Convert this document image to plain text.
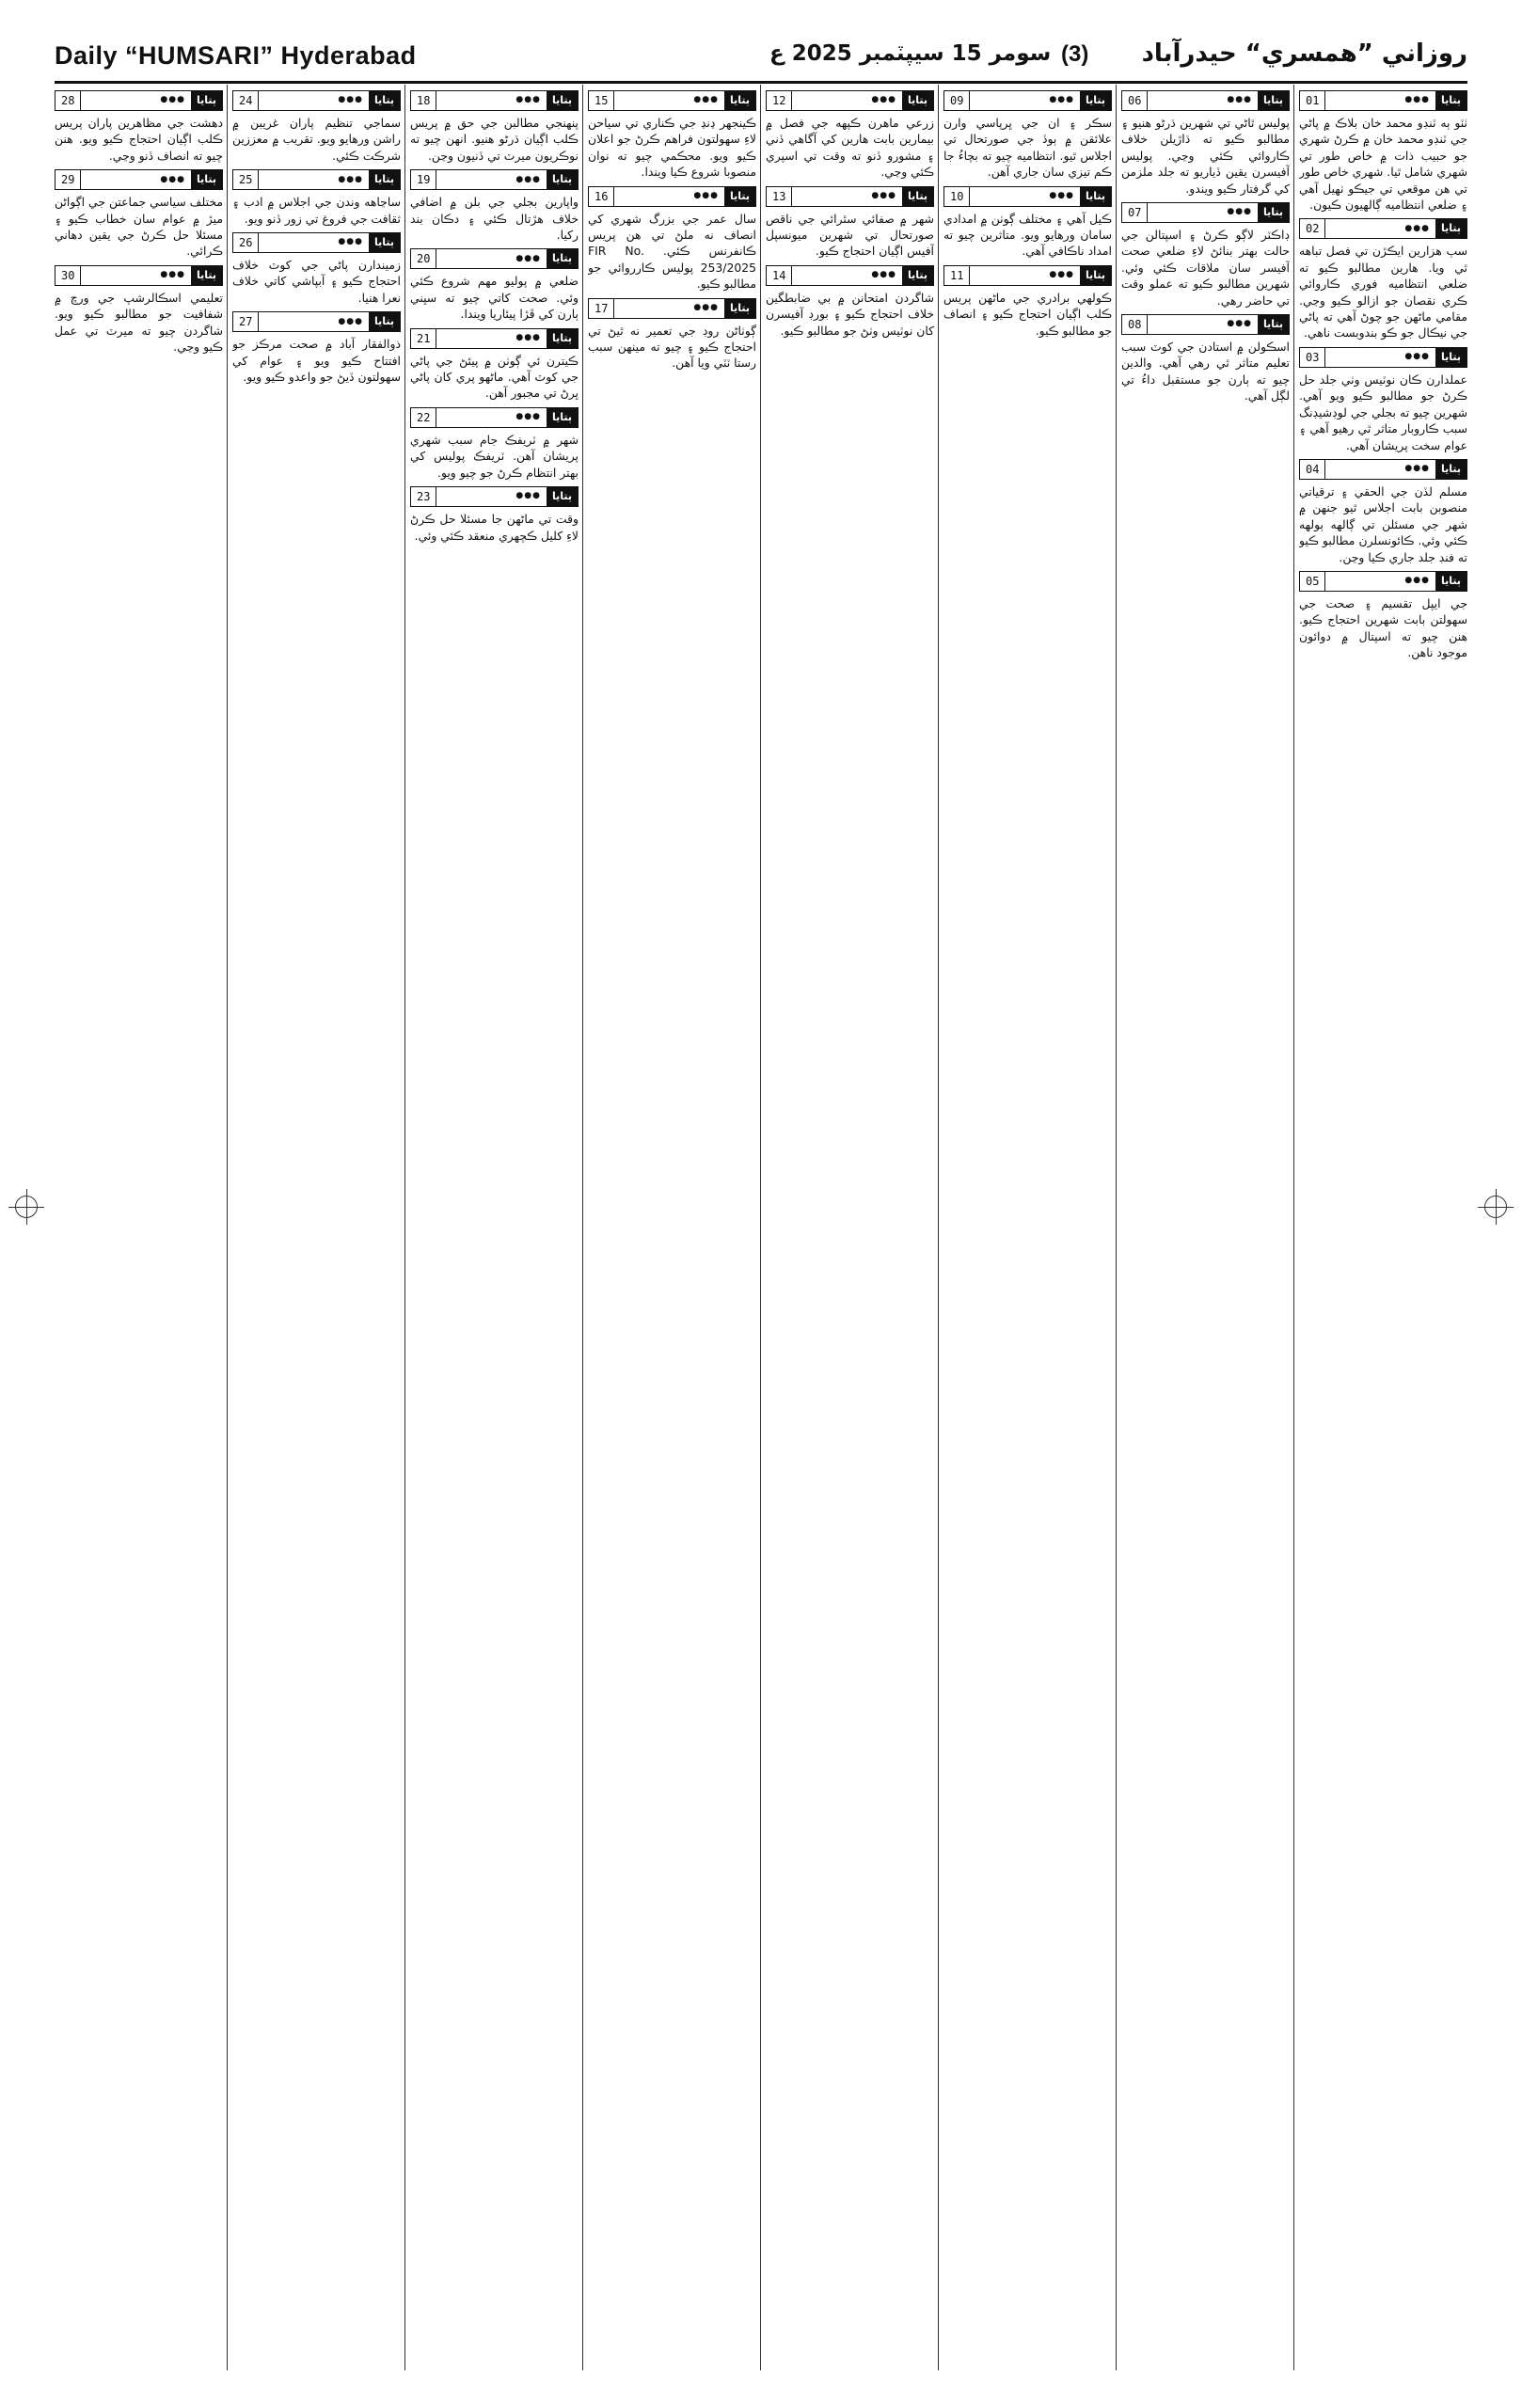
Daily “HUMSARI” Hyderabad	سومر 15 سيپٽمبر 2025 ع (3) روزاني ”همسري“ حيدرآباد
ٻتايا
●●●
01

ٺٽو ٻه ٽنڊو محمد خان بلاڪ ۾ پاڻي جي ٽنڊو محمد خان ۾ ڪرڻ شهري جو حبيب ذات ۾ خاص طور تي شهري شامل ٿيا. شهري خاص طور تي هن موقعي تي جيڪو ٺهيل آهي ۽ ضلعي انتظاميه ڳالهيون ڪيون.

ٻتايا
●●●
02

سٻ هزارين ايڪڙن تي فصل تباهه ٿي ويا. هارين مطالبو ڪيو ته ضلعي انتظاميه فوري ڪاروائي ڪري نقصان جو ازالو ڪيو وڃي. مقامي ماڻهن جو چوڻ آهي ته پاڻي جي نيڪال جو ڪو بندوبست ناهي.

ٻتايا
●●●
03

عملدارن ڪان نوٽيس وٺي جلد حل ڪرڻ جو مطالبو ڪيو ويو آهي. شهرين چيو ته بجلي جي لوڊشيڊنگ سبب ڪاروبار متاثر ٿي رهيو آهي ۽ عوام سخت پريشان آهي.

ٻتايا
●●●
04

مسلم لڏن جي الحقي ۽ ترقياتي منصوبن بابت اجلاس ٿيو جنهن ۾ شهر جي مسئلن تي ڳالهه ٻولهه ڪئي وئي. ڪائونسلرن مطالبو ڪيو ته فنڊ جلد جاري ڪيا وڃن.

ٻتايا
●●●
05

جي ايپل تقسيم ۽ صحت جي سهولتن بابت شهرين احتجاج ڪيو. هنن چيو ته اسپتال ۾ دوائون موجود ناهن.

ٻتايا
●●●
06

پوليس ٿاڻي تي شهرين ڌرڻو هنيو ۽ مطالبو ڪيو ته ڌاڙيلن خلاف ڪاروائي ڪئي وڃي. پوليس آفيسرن يقين ڏياريو ته جلد ملزمن کي گرفتار ڪيو ويندو.

ٻتايا
●●●
07

ڊاڪٽر لاڳو ڪرڻ ۽ اسپتالن جي حالت بهتر بنائڻ لاءِ ضلعي صحت آفيسر سان ملاقات ڪئي وئي. شهرين مطالبو ڪيو ته عملو وقت تي حاضر رهي.

ٻتايا
●●●
08

اسڪولن ۾ استادن جي کوٽ سبب تعليم متاثر ٿي رهي آهي. والدين چيو ته ٻارن جو مستقبل داءُ تي لڳل آهي.

ٻتايا
●●●
09

سڪر ۽ ان جي ڀرپاسي وارن علائقن ۾ ٻوڏ جي صورتحال تي اجلاس ٿيو. انتظاميه چيو ته بچاءُ جا ڪم تيزي سان جاري آهن.

ٻتايا
●●●
10

ڪيل آهي ۽ مختلف ڳوٺن ۾ امدادي سامان ورهايو ويو. متاثرين چيو ته امداد ناڪافي آهي.

ٻتايا
●●●
11

ڪولهي برادري جي ماڻهن پريس ڪلب اڳيان احتجاج ڪيو ۽ انصاف جو مطالبو ڪيو.

ٻتايا
●●●
12

زرعي ماهرن ڪپهه جي فصل ۾ بيمارين بابت هارين کي آگاهي ڏني ۽ مشورو ڏنو ته وقت تي اسپري ڪئي وڃي.

ٻتايا
●●●
13

شهر ۾ صفائي سٿرائي جي ناقص صورتحال تي شهرين ميونسپل آفيس اڳيان احتجاج ڪيو.

ٻتايا
●●●
14

شاگردن امتحانن ۾ بي ضابطگين خلاف احتجاج ڪيو ۽ بورڊ آفيسرن کان نوٽيس وٺڻ جو مطالبو ڪيو.

ٻتايا
●●●
15

ڪينجهر ڍنڍ جي ڪناري تي سياحن لاءِ سهولتون فراهم ڪرڻ جو اعلان ڪيو ويو. محڪمي چيو ته نوان منصوبا شروع ڪيا ويندا.

ٻتايا
●●●
16

سال عمر جي بزرگ شهري کي انصاف نه ملڻ تي هن پريس ڪانفرنس ڪئي. FIR No. 253/2025 پوليس ڪارروائي جو مطالبو ڪيو.

ٻتايا
●●●
17

ڳوٺاڻن روڊ جي تعمير نه ٿيڻ تي احتجاج ڪيو ۽ چيو ته مينهن سبب رستا ٽٽي ويا آهن.

ٻتايا
●●●
18

پنهنجي مطالبن جي حق ۾ پريس ڪلب اڳيان ڌرڻو هنيو. انهن چيو ته نوڪريون ميرٽ تي ڏنيون وڃن.

ٻتايا
●●●
19

واپارين بجلي جي بلن ۾ اضافي خلاف هڙتال ڪئي ۽ دڪان بند رکيا.

ٻتايا
●●●
20

ضلعي ۾ پوليو مهم شروع ڪئي وئي. صحت کاتي چيو ته سڀني ٻارن کي ڦڙا پيئاريا ويندا.

ٻتايا
●●●
21

ڪيترن ئي ڳوٺن ۾ پيئڻ جي پاڻي جي کوٽ آهي. ماڻهو پري کان پاڻي ڀرڻ تي مجبور آهن.

ٻتايا
●●●
22

شهر ۾ ٽريفڪ جام سبب شهري پريشان آهن. ٽريفڪ پوليس کي بهتر انتظام ڪرڻ جو چيو ويو.

ٻتايا
●●●
23

وقت تي ماڻهن جا مسئلا حل ڪرڻ لاءِ کليل ڪچهري منعقد ڪئي وئي.

ٻتايا
●●●
24

سماجي تنظيم پاران غريبن ۾ راشن ورهايو ويو. تقريب ۾ معززين شرڪت ڪئي.

ٻتايا
●●●
25

ساڃاهه وندن جي اجلاس ۾ ادب ۽ ثقافت جي فروغ تي زور ڏنو ويو.

ٻتايا
●●●
26

زميندارن پاڻي جي کوٽ خلاف احتجاج ڪيو ۽ آبپاشي کاتي خلاف نعرا هنيا.

ٻتايا
●●●
27

ذوالفقار آباد ۾ صحت مرڪز جو افتتاح ڪيو ويو ۽ عوام کي سهولتون ڏيڻ جو واعدو ڪيو ويو.

ٻتايا
●●●
28

دهشت جي مظاهرين پاران پريس ڪلب اڳيان احتجاج ڪيو ويو. هنن چيو ته انصاف ڏنو وڃي.

ٻتايا
●●●
29

مختلف سياسي جماعتن جي اڳواڻن ميڙ ۾ عوام سان خطاب ڪيو ۽ مسئلا حل ڪرڻ جي يقين دهاني ڪرائي.

ٻتايا
●●●
30

تعليمي اسڪالرشپ جي ورڇ ۾ شفافيت جو مطالبو ڪيو ويو. شاگردن چيو ته ميرٽ تي عمل ڪيو وڃي.
